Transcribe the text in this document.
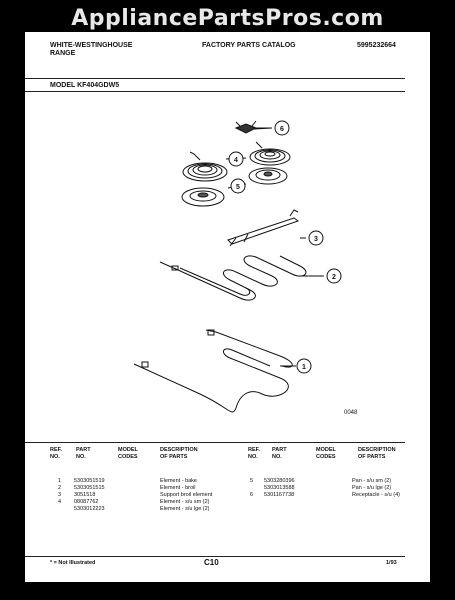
AppliancePartsPros.com
WHITE-WESTINGHOUSE
RANGE
FACTORY PARTS CATALOG	5995232664
MODEL KF404GDW5
6
4
5
3
2
1
0048
REF.
NO.
PART
NO.
MODEL
CODES
DESCRIPTION
OF PARTS
REF.
NO.
PART
NO.
MODEL
CODES
DESCRIPTION
OF PARTS
1 5303051519	Element - bake
2 5303051515	Element - broil
3 3051518	Support broil element
4 08087762	Element - s/u sm (2)
5303012223	Element - s/u lge (2)
5 5303280396	Pan - s/u sm (2)
5303013588	Pan - s/u lge (2)
6 5301167738	Receptacle - s/u (4)
* = Not Illustrated	C10	1/93
